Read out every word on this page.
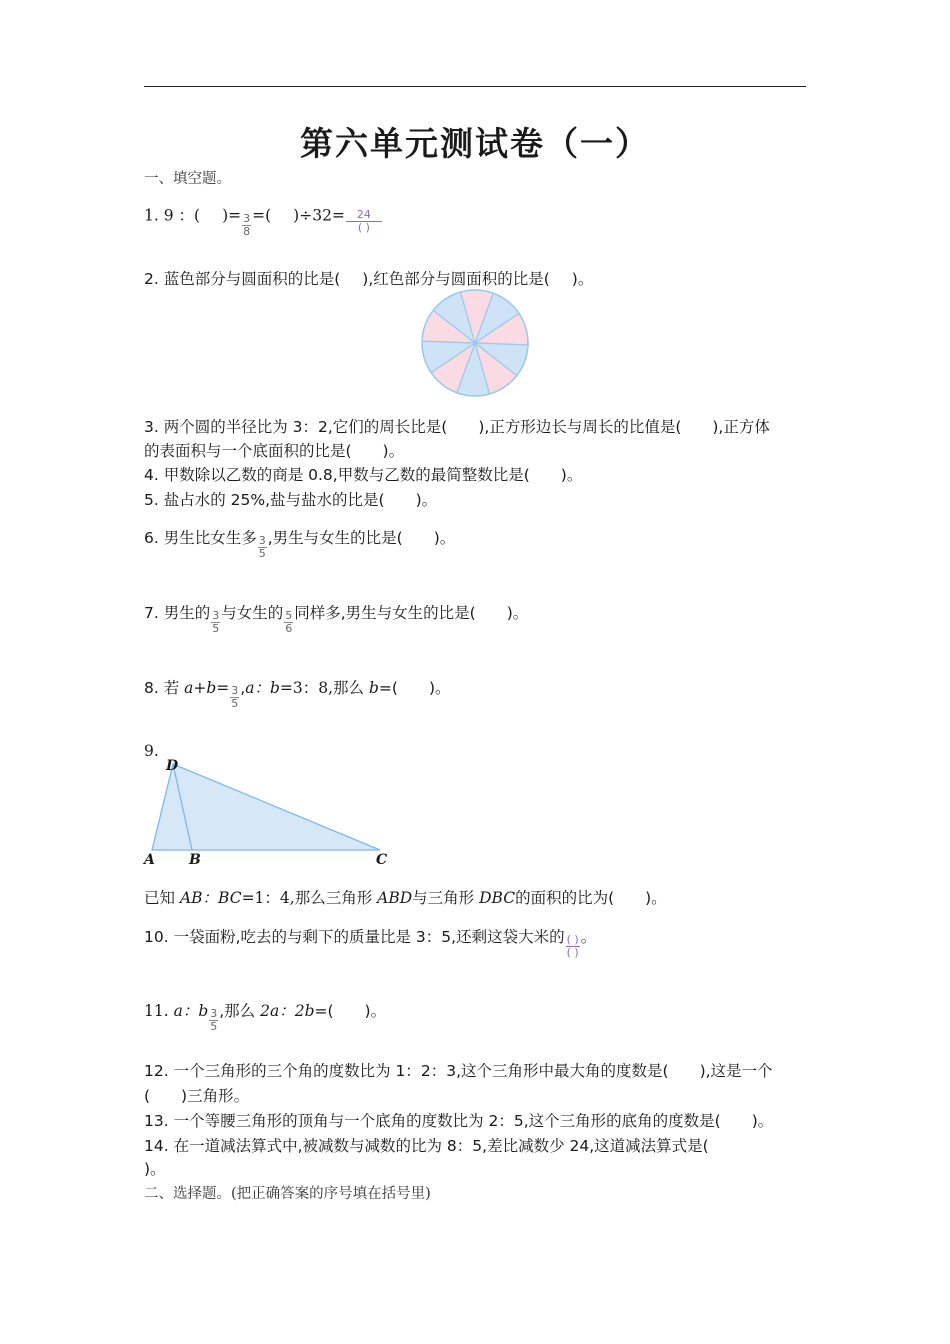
第六单元测试卷（一）
一、填空题。
1. 9 ：( )= $\frac{3}{8}$ =( )$\div 32= \frac{24}{( )}$
2. 蓝色部分与圆面积的比是( ),红色部分与圆面积的比是( )。
3. 两个圆的半径比为 3：2,它们的周长比是(　　),正方形边长与周长的比值是(　　),正方体
的表面积与一个底面积的比是(　　)。
4. 甲数除以乙数的商是 0.8,甲数与乙数的最简整数比是(　　)。
5. 盐占水的 25%,盐与盐水的比是(　　)。
6. 男生比女生多 $\frac{3}{5}$ ,男生与女生的比是(　　)。
7. 男生的 $\frac{3}{5}$ 与女生的 $\frac{5}{6}$ 同样多,男生与女生的比是(　　)。
8. 若 $a+b= \frac{3}{5} ,a$：b=3：8,那么 b=(　　)。
9.
D
A B	C
已知 AB：BC=1：4,那么三角形 ABD与三角形 DBC的面积的比为(　　)。
10. 一袋面粉,吃去的与剩下的质量比是 3：5,还剩这袋大米的 $\frac{( )}{( )}$ 。
11. a：b $\frac{3}{5}$ ,那么 2a：2b=(　　)。
12. 一个三角形的三个角的度数比为 1：2：3,这个三角形中最大角的度数是(　　),这是一个
(　　)三角形。
13. 一个等腰三角形的顶角与一个底角的度数比为 2：5,这个三角形的底角的度数是(　　)。
14. 在一道减法算式中,被减数与减数的比为 8：5,差比减数少 24,这道减法算式是(
)。
二、选择题。(把正确答案的序号填在括号里)
